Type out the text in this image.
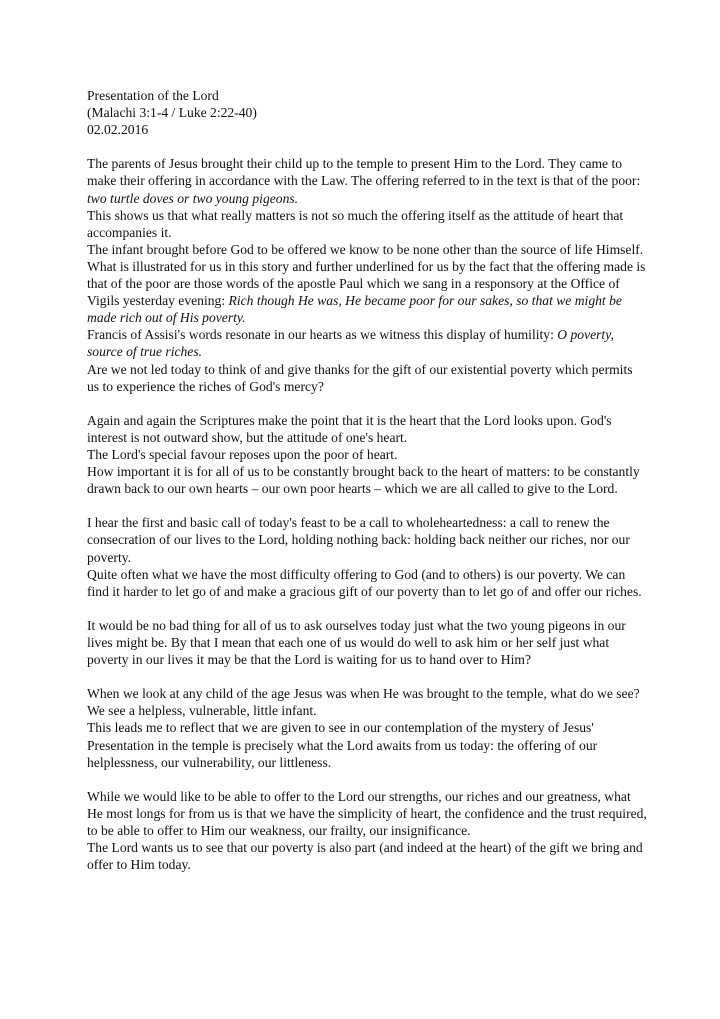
Presentation of the Lord

(Malachi 3:1-4 / Luke 2:22-40)

02.02.2016

The parents of Jesus brought their child up to the temple to present Him to the Lord. They came to make their offering in accordance with the Law. The offering referred to in the text is that of the poor: two turtle doves or two young pigeons.

This shows us that what really matters is not so much the offering itself as the attitude of heart that accompanies it.

The infant brought before God to be offered we know to be none other than the source of life Himself. What is illustrated for us in this story and further underlined for us by the fact that the offering made is that of the poor are those words of the apostle Paul which we sang in a responsory at the Office of Vigils yesterday evening: Rich though He was, He became poor for our sakes, so that we might be made rich out of His poverty.

Francis of Assisi's words resonate in our hearts as we witness this display of humility: O poverty, source of true riches.

Are we not led today to think of and give thanks for the gift of our existential poverty which permits us to experience the riches of God's mercy?

Again and again the Scriptures make the point that it is the heart that the Lord looks upon. God's interest is not outward show, but the attitude of one's heart.

The Lord's special favour reposes upon the poor of heart.

How important it is for all of us to be constantly brought back to the heart of matters: to be constantly drawn back to our own hearts – our own poor hearts – which we are all called to give to the Lord.

I hear the first and basic call of today's feast to be a call to wholeheartedness: a call to renew the consecration of our lives to the Lord, holding nothing back: holding back neither our riches, nor our poverty.

Quite often what we have the most difficulty offering to God (and to others) is our poverty. We can find it harder to let go of and make a gracious gift of our poverty than to let go of and offer our riches.

It would be no bad thing for all of us to ask ourselves today just what the two young pigeons in our lives might be. By that I mean that each one of us would do well to ask him or her self just what poverty in our lives it may be that the Lord is waiting for us to hand over to Him?

When we look at any child of the age Jesus was when He was brought to the temple, what do we see?

We see a helpless, vulnerable, little infant.

This leads me to reflect that we are given to see in our contemplation of the mystery of Jesus' Presentation in the temple is precisely what the Lord awaits from us today: the offering of our helplessness, our vulnerability, our littleness.

While we would like to be able to offer to the Lord our strengths, our riches and our greatness, what He most longs for from us is that we have the simplicity of heart, the confidence and the trust required, to be able to offer to Him our weakness, our frailty, our insignificance.

The Lord wants us to see that our poverty is also part (and indeed at the heart) of the gift we bring and offer to Him today.
